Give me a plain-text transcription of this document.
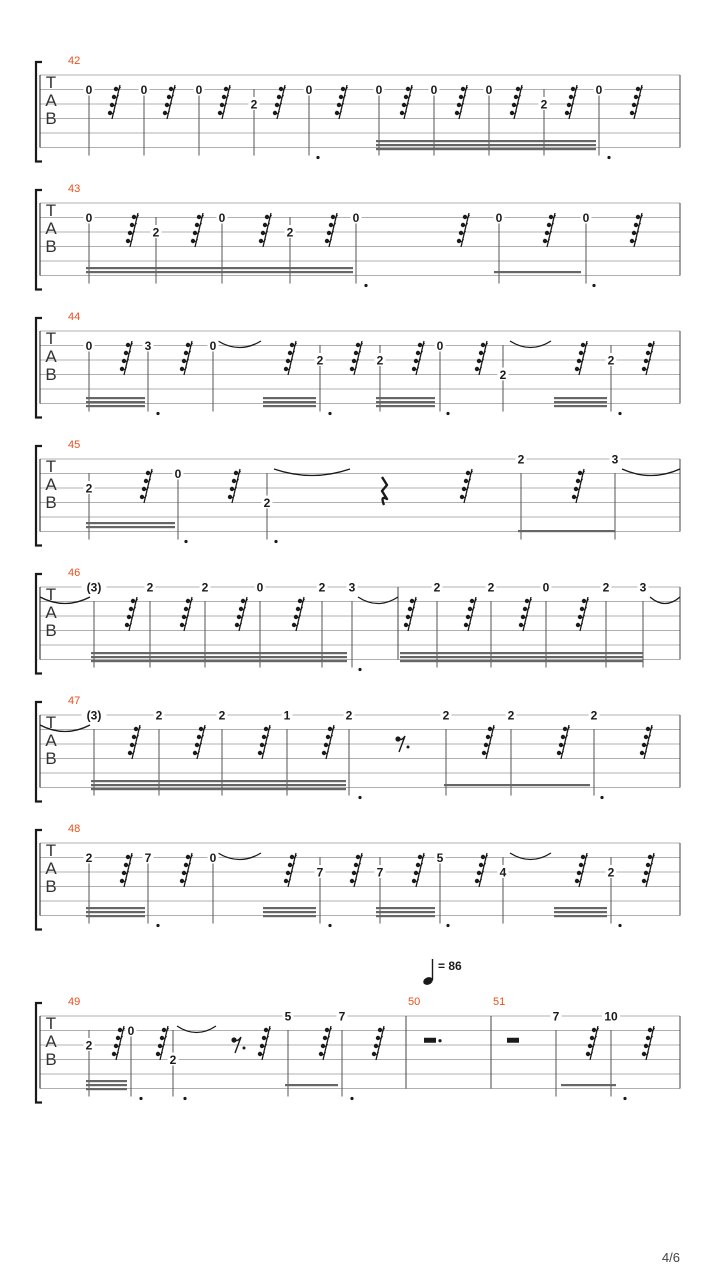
42
T
A
B
0	0	0
2
0	0	0	0
2
0
43
T
A
B
0
2
0
2
0	0	0
44
T
A
B
0	3	0
2	2
0
2
2
45
T
A
B
2
0
2
2	3
46
T
A
B
(3)	2	2	0	2 3	2	2	0	2	3
47
T
A
B
(3)	2	2	1	2	2	2	2
48
T
A
B
2	7	0
7	7
5
4	2
49
T
A
B
50	51
2
0
2
5	7	7	10
= 86
4/6
